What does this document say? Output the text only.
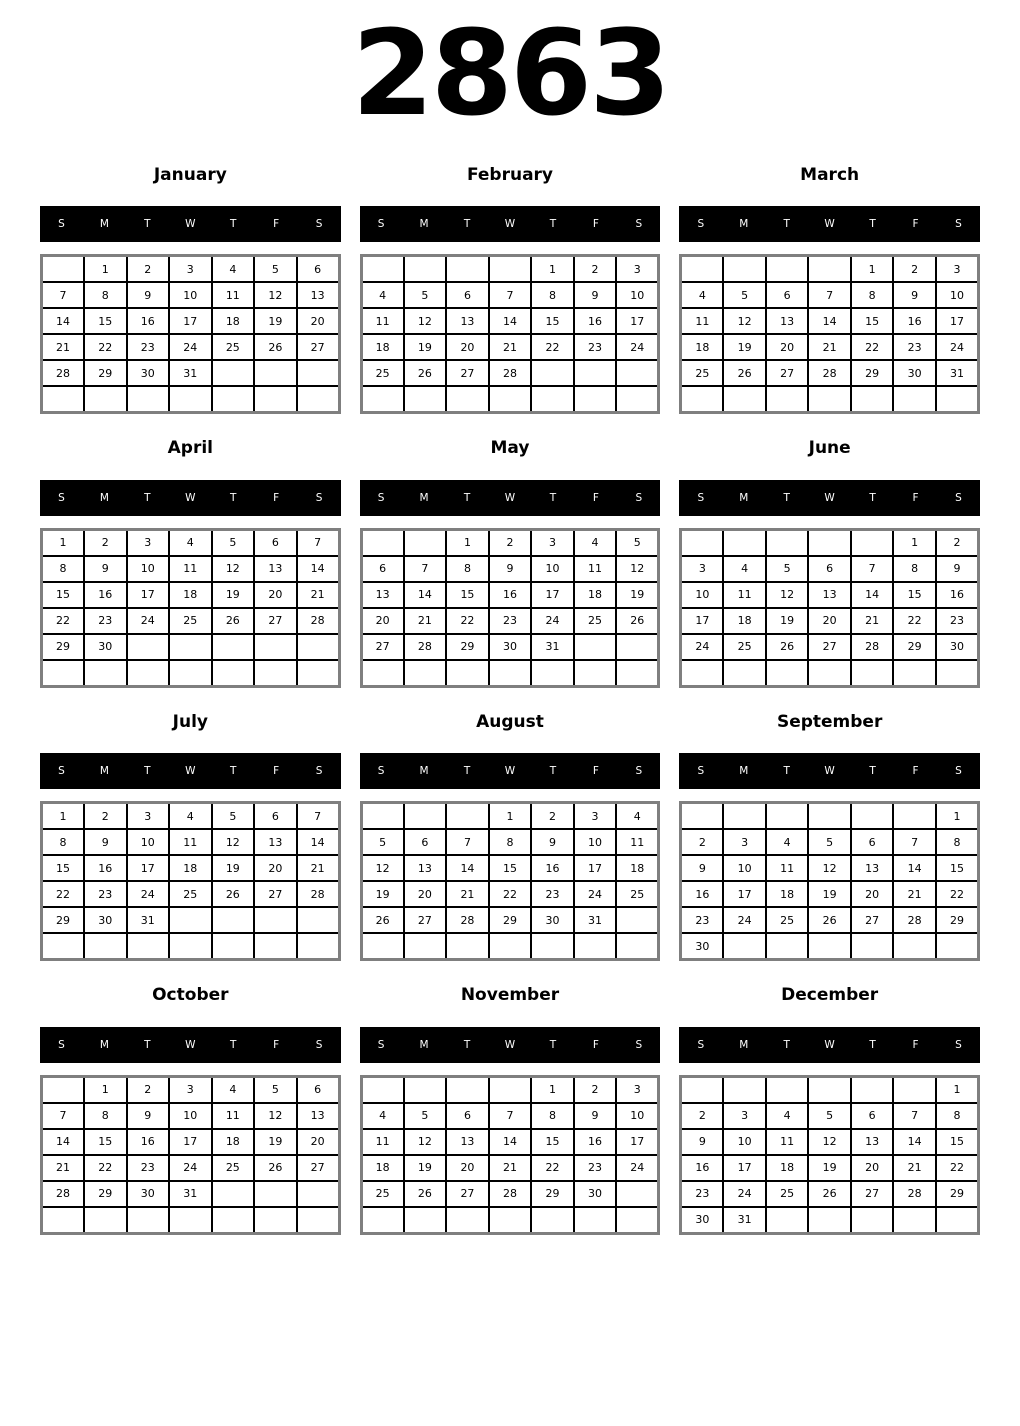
2863
January
S	M	T	W	T	F	S
	1	2	3	4	5	6
7	8	9	10	11	12	13
14	15	16	17	18	19	20
21	22	23	24	25	26	27
28	29	30	31			

February
S	M	T	W	T	F	S
				1	2	3
4	5	6	7	8	9	10
11	12	13	14	15	16	17
18	19	20	21	22	23	24
25	26	27	28			

March
S	M	T	W	T	F	S
				1	2	3
4	5	6	7	8	9	10
11	12	13	14	15	16	17
18	19	20	21	22	23	24
25	26	27	28	29	30	31

April
S	M	T	W	T	F	S
1	2	3	4	5	6	7
8	9	10	11	12	13	14
15	16	17	18	19	20	21
22	23	24	25	26	27	28
29	30					

May
S	M	T	W	T	F	S
		1	2	3	4	5
6	7	8	9	10	11	12
13	14	15	16	17	18	19
20	21	22	23	24	25	26
27	28	29	30	31		

June
S	M	T	W	T	F	S
					1	2
3	4	5	6	7	8	9
10	11	12	13	14	15	16
17	18	19	20	21	22	23
24	25	26	27	28	29	30

July
S	M	T	W	T	F	S
1	2	3	4	5	6	7
8	9	10	11	12	13	14
15	16	17	18	19	20	21
22	23	24	25	26	27	28
29	30	31				

August
S	M	T	W	T	F	S
			1	2	3	4
5	6	7	8	9	10	11
12	13	14	15	16	17	18
19	20	21	22	23	24	25
26	27	28	29	30	31	

September
S	M	T	W	T	F	S
						1
2	3	4	5	6	7	8
9	10	11	12	13	14	15
16	17	18	19	20	21	22
23	24	25	26	27	28	29
30						
October
S	M	T	W	T	F	S
	1	2	3	4	5	6
7	8	9	10	11	12	13
14	15	16	17	18	19	20
21	22	23	24	25	26	27
28	29	30	31			

November
S	M	T	W	T	F	S
				1	2	3
4	5	6	7	8	9	10
11	12	13	14	15	16	17
18	19	20	21	22	23	24
25	26	27	28	29	30	

December
S	M	T	W	T	F	S
						1
2	3	4	5	6	7	8
9	10	11	12	13	14	15
16	17	18	19	20	21	22
23	24	25	26	27	28	29
30	31					
